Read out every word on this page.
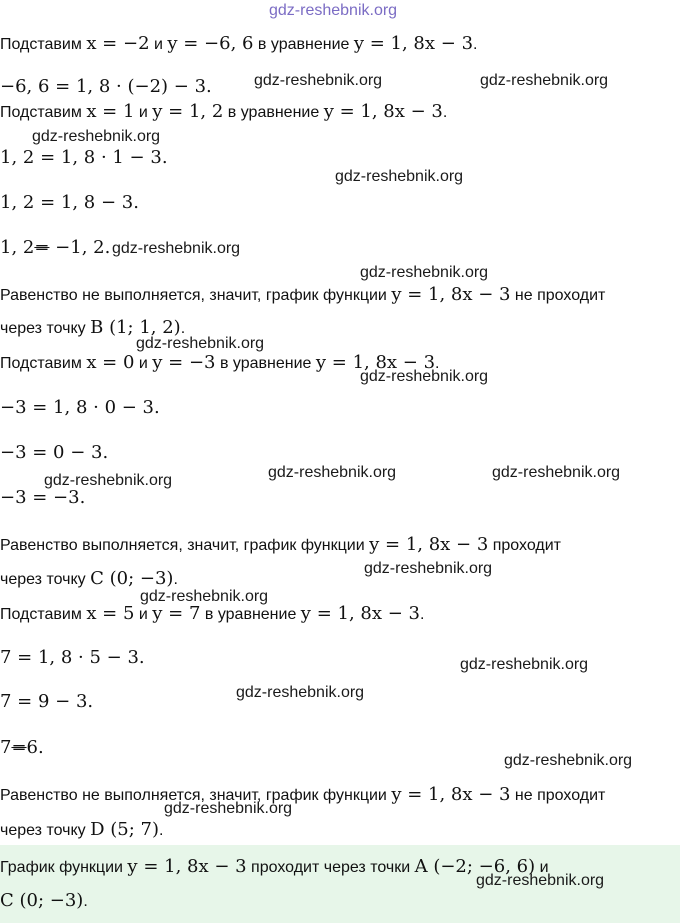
gdz-reshebnik.org
Подставим x = −2 и y = −6, 6 в уравнение y = 1, 8x − 3.
−6, 6 = 1, 8 · (−2) − 3.
Подставим x = 1 и y = 1, 2 в уравнение y = 1, 8x − 3.
1, 2 = 1, 8 · 1 − 3.
1, 2 = 1, 8 − 3.
1, 2= −1, 2.
Равенство не выполняется, значит, график функции y = 1, 8x − 3 не проходит
через точку B (1; 1, 2).
Подставим x = 0 и y = −3 в уравнение y = 1, 8x − 3.
−3 = 1, 8 · 0 − 3.
−3 = 0 − 3.
−3 = −3.
Равенство выполняется, значит, график функции y = 1, 8x − 3 проходит
через точку C (0; −3).
Подставим x = 5 и y = 7 в уравнение y = 1, 8x − 3.
7 = 1, 8 · 5 − 3.
7 = 9 − 3.
7=6.
Равенство не выполняется, значит, график функции y = 1, 8x − 3 не проходит
через точку D (5; 7).
График функции y = 1, 8x − 3 проходит через точки A (−2; −6, 6) и
C (0; −3).
gdz-reshebnik.org	gdz-reshebnik.org
gdz-reshebnik.org
gdz-reshebnik.org
gdz-reshebnik.org
gdz-reshebnik.org
gdz-reshebnik.org
gdz-reshebnik.org
gdz-reshebnik.org	gdz-reshebnik.org
gdz-reshebnik.org
gdz-reshebnik.org
gdz-reshebnik.org
gdz-reshebnik.org
gdz-reshebnik.org
gdz-reshebnik.org
gdz-reshebnik.org
gdz-reshebnik.org
